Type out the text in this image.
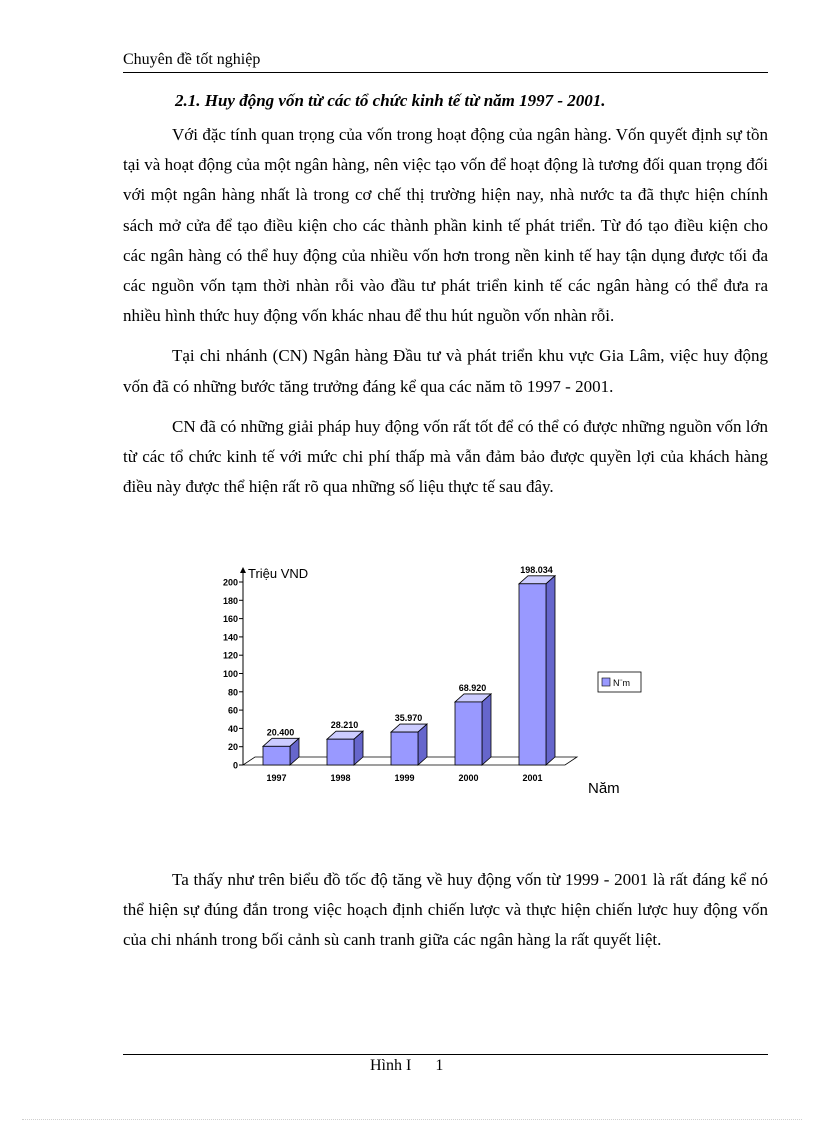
Chuyên đề tốt nghiệp
2.1. Huy động vốn từ các tổ chức kinh tế từ năm 1997 - 2001.

Với đặc tính quan trọng của vốn trong hoạt động của ngân hàng. Vốn quyết định sự tồn tại và hoạt động của một ngân hàng, nên việc tạo vốn để hoạt động là tương đối quan trọng đối với một ngân hàng nhất là trong cơ chế thị trường hiện nay, nhà nước ta đã thực hiện chính sách mở cửa để tạo điều kiện cho các thành phần kinh tế phát triển. Từ đó tạo điều kiện cho các ngân hàng có thể huy động của nhiều vốn hơn trong nền kinh tế hay tận dụng được tối đa các nguồn vốn tạm thời nhàn rỗi vào đầu tư phát triển kinh tế các ngân hàng có thể đưa ra nhiều hình thức huy động vốn khác nhau để thu hút nguồn vốn nhàn rỗi.

Tại chi nhánh (CN) Ngân hàng Đầu tư và phát triển khu vực Gia Lâm, việc huy động vốn đã có những bước tăng trưởng đáng kể qua các năm tõ 1997 - 2001.

CN đã có những giải pháp huy động vốn rất tốt để có thể có được những nguồn vốn lớn từ các tổ chức kinh tế với mức chi phí thấp mà vẫn đảm bảo được quyền lợi của khách hàng điều này được thể hiện rất rõ qua những số liệu thực tế sau đây.

0
20
40
60
80
100
120
140
160
180
200
Triệu VND
20.400
1997
28.210
1998
35.970
1999
68.920
2000
198.034
2001
Năm
N¨m

Ta thấy như trên biểu đồ tốc độ tăng về huy động vốn từ 1999 - 2001 là rất đáng kể nó thể hiện sự đúng đắn trong việc hoạch định chiến lược và thực hiện chiến lược huy động vốn của chi nhánh trong bối cảnh sù canh tranh giữa các ngân hàng la rất quyết liệt.

Hình I      1
